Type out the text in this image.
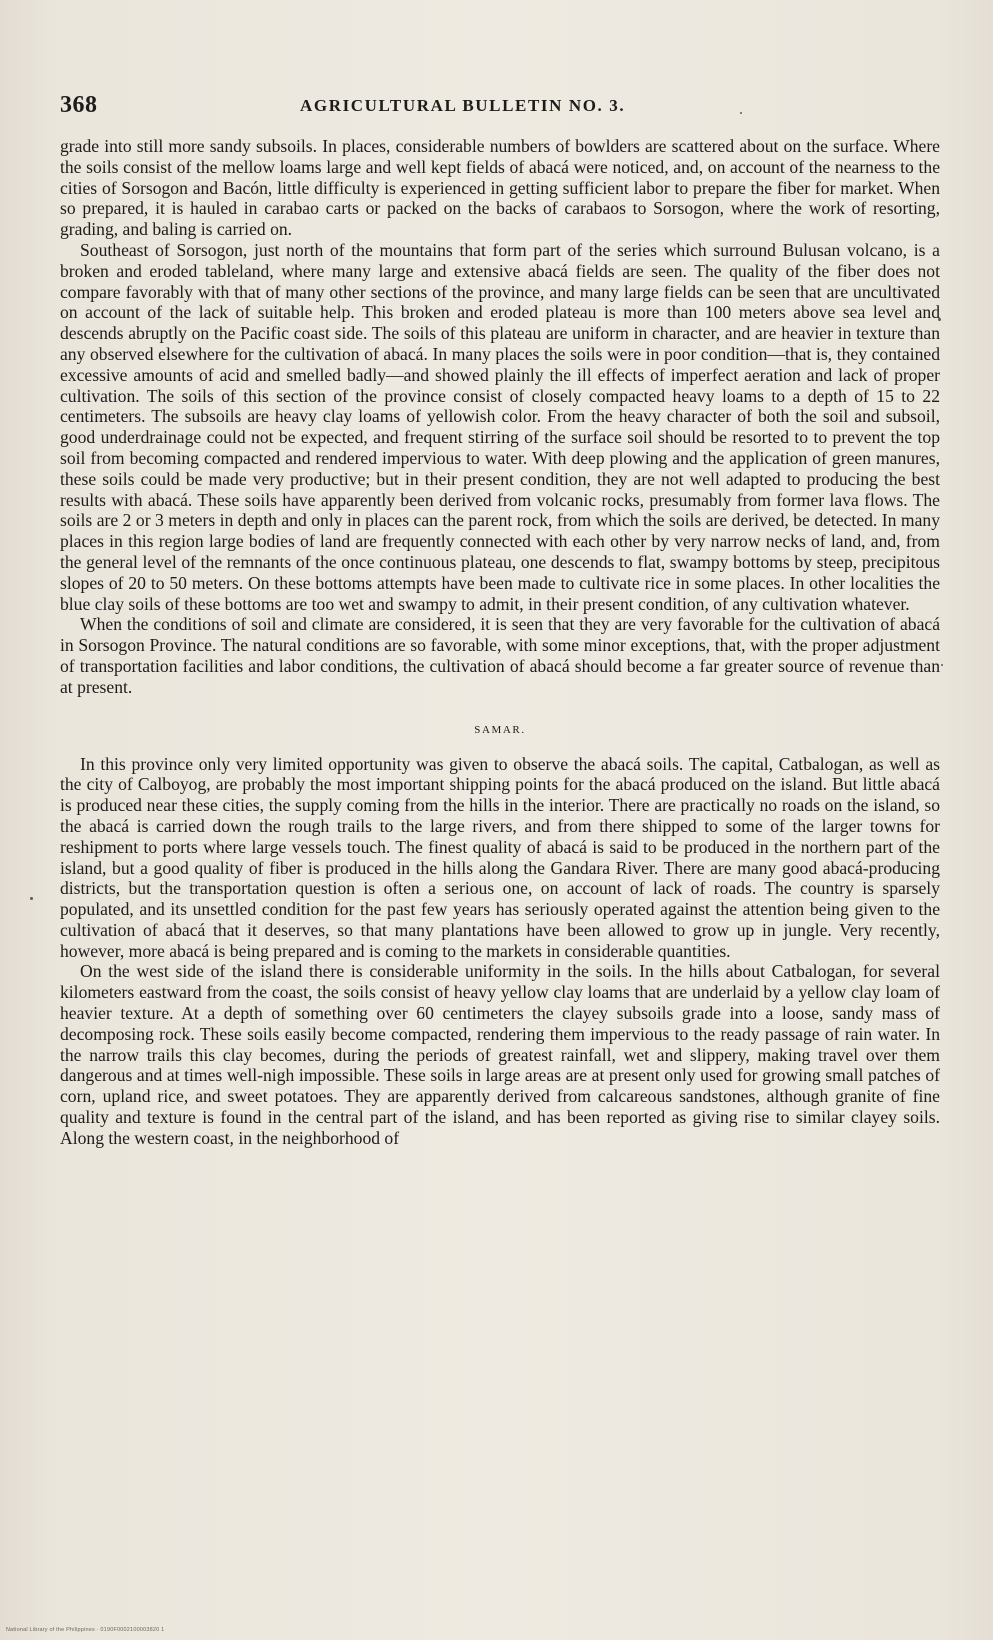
368	AGRICULTURAL BULLETIN NO. 3.

grade into still more sandy subsoils. In places, considerable numbers of bowlders are scattered about on the surface. Where the soils consist of the mellow loams large and well kept fields of abacá were noticed, and, on account of the nearness to the cities of Sorsogon and Bacón, little difficulty is experienced in getting sufficient labor to prepare the fiber for market. When so prepared, it is hauled in carabao carts or packed on the backs of carabaos to Sorsogon, where the work of resorting, grading, and baling is carried on.

Southeast of Sorsogon, just north of the mountains that form part of the series which surround Bulusan volcano, is a broken and eroded tableland, where many large and extensive abacá fields are seen. The quality of the fiber does not compare favorably with that of many other sections of the province, and many large fields can be seen that are uncultivated on account of the lack of suitable help. This broken and eroded plateau is more than 100 meters above sea level and descends abruptly on the Pacific coast side. The soils of this plateau are uniform in character, and are heavier in texture than any observed elsewhere for the cultivation of abacá. In many places the soils were in poor condition—that is, they contained excessive amounts of acid and smelled badly—and showed plainly the ill effects of imperfect aeration and lack of proper cultivation. The soils of this section of the province consist of closely compacted heavy loams to a depth of 15 to 22 centimeters. The subsoils are heavy clay loams of yellowish color. From the heavy character of both the soil and subsoil, good underdrainage could not be expected, and frequent stirring of the surface soil should be resorted to to prevent the top soil from becoming compacted and rendered impervious to water. With deep plowing and the application of green manures, these soils could be made very productive; but in their present condition, they are not well adapted to producing the best results with abacá. These soils have apparently been derived from volcanic rocks, presumably from former lava flows. The soils are 2 or 3 meters in depth and only in places can the parent rock, from which the soils are derived, be detected. In many places in this region large bodies of land are frequently connected with each other by very narrow necks of land, and, from the general level of the remnants of the once continuous plateau, one descends to flat, swampy bottoms by steep, precipitous slopes of 20 to 50 meters. On these bottoms attempts have been made to cultivate rice in some places. In other localities the blue clay soils of these bottoms are too wet and swampy to admit, in their present condition, of any cultivation whatever.

When the conditions of soil and climate are considered, it is seen that they are very favorable for the cultivation of abacá in Sorsogon Province. The natural conditions are so favorable, with some minor exceptions, that, with the proper adjustment of transportation facilities and labor conditions, the cultivation of abacá should become a far greater source of revenue than at present.

SAMAR.

In this province only very limited opportunity was given to observe the abacá soils. The capital, Catbalogan, as well as the city of Calboyog, are probably the most important shipping points for the abacá produced on the island. But little abacá is produced near these cities, the supply coming from the hills in the interior. There are practically no roads on the island, so the abacá is carried down the rough trails to the large rivers, and from there shipped to some of the larger towns for reshipment to ports where large vessels touch. The finest quality of abacá is said to be produced in the northern part of the island, but a good quality of fiber is produced in the hills along the Gandara River. There are many good abacá-producing districts, but the transportation question is often a serious one, on account of lack of roads. The country is sparsely populated, and its unsettled condition for the past few years has seriously operated against the attention being given to the cultivation of abacá that it deserves, so that many plantations have been allowed to grow up in jungle. Very recently, however, more abacá is being prepared and is coming to the markets in considerable quantities.

On the west side of the island there is considerable uniformity in the soils. In the hills about Catbalogan, for several kilometers eastward from the coast, the soils consist of heavy yellow clay loams that are underlaid by a yellow clay loam of heavier texture. At a depth of something over 60 centimeters the clayey subsoils grade into a loose, sandy mass of decomposing rock. These soils easily become compacted, rendering them impervious to the ready passage of rain water. In the narrow trails this clay becomes, during the periods of greatest rainfall, wet and slippery, making travel over them dangerous and at times well-nigh impossible. These soils in large areas are at present only used for growing small patches of corn, upland rice, and sweet potatoes. They are apparently derived from calcareous sandstones, although granite of fine quality and texture is found in the central part of the island, and has been reported as giving rise to similar clayey soils. Along the western coast, in the neighborhood of

National Library of the Philippines · 0190F0002100003820 1
